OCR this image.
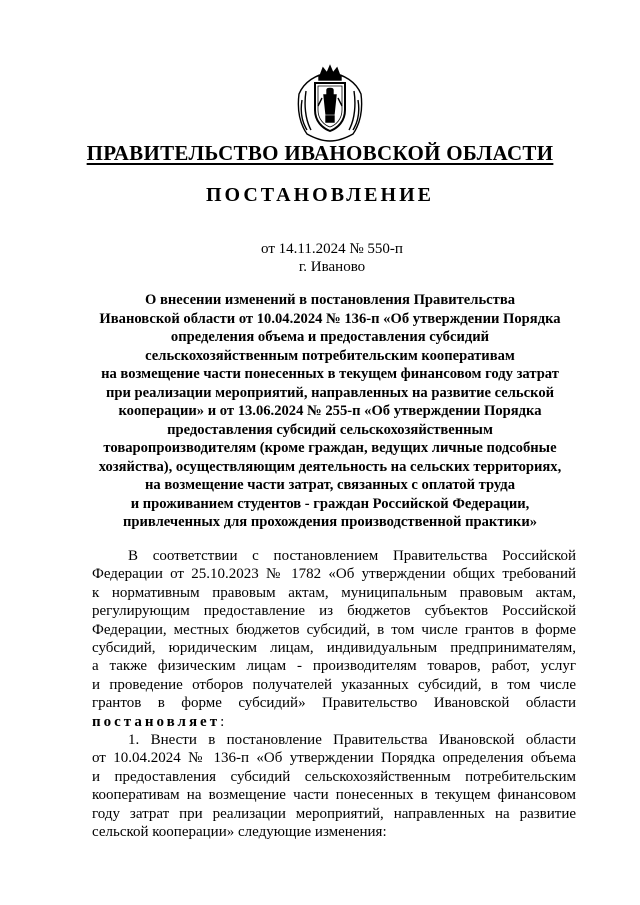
ПРАВИТЕЛЬСТВО ИВАНОВСКОЙ ОБЛАСТИ
ПОСТАНОВЛЕНИЕ
от 14.11.2024 № 550-п
г. Иваново
О внесении изменений в постановления Правительства
Ивановской области от 10.04.2024 № 136-п «Об утверждении Порядка
определения объема и предоставления субсидий
сельскохозяйственным потребительским кооперативам
на возмещение части понесенных в текущем финансовом году затрат
при реализации мероприятий, направленных на развитие сельской
кооперации» и от 13.06.2024 № 255-п «Об утверждении Порядка
предоставления субсидий сельскохозяйственным
товаропроизводителям (кроме граждан, ведущих личные подсобные
хозяйства), осуществляющим деятельность на сельских территориях,
на возмещение части затрат, связанных с оплатой труда
и проживанием студентов - граждан Российской Федерации,
привлеченных для прохождения производственной практики»
В соответствии с постановлением Правительства Российской
Федерации от 25.10.2023 № 1782 «Об утверждении общих требований
к нормативным правовым актам, муниципальным правовым актам,
регулирующим предоставление из бюджетов субъектов Российской
Федерации, местных бюджетов субсидий, в том числе грантов в форме
субсидий, юридическим лицам, индивидуальным предпринимателям,
а также физическим лицам - производителям товаров, работ, услуг
и проведение отборов получателей указанных субсидий, в том числе
грантов в форме субсидий» Правительство Ивановской области
постановляет:
1. Внести в постановление Правительства Ивановской области
от 10.04.2024 № 136-п «Об утверждении Порядка определения объема
и предоставления субсидий сельскохозяйственным потребительским
кооперативам на возмещение части понесенных в текущем финансовом
году затрат при реализации мероприятий, направленных на развитие
сельской кооперации» следующие изменения:
